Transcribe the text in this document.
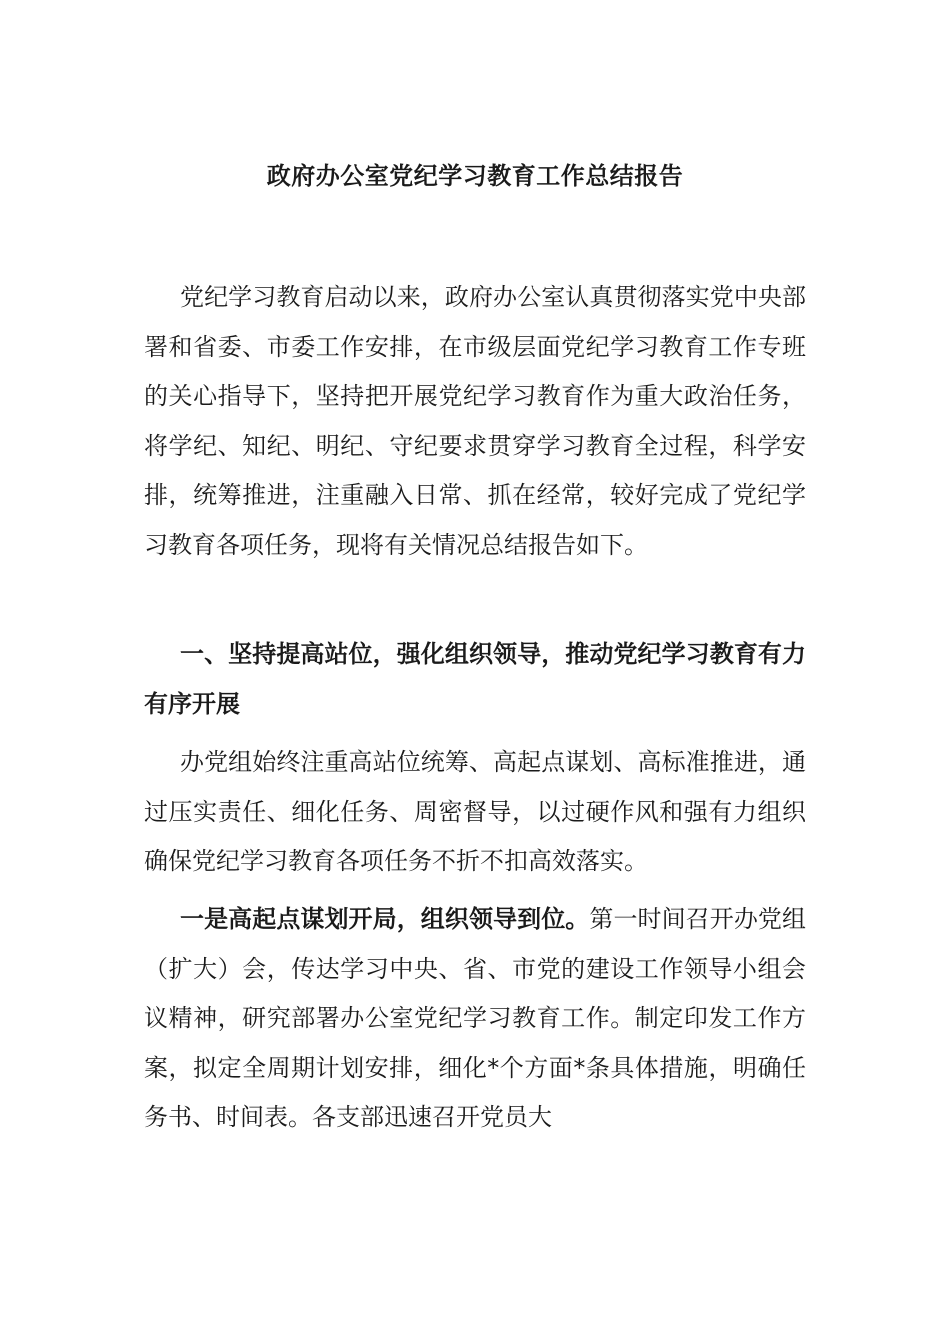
政府办公室党纪学习教育工作总结报告

党纪学习教育启动以来，政府办公室认真贯彻落实党中央部署和省委、市委工作安排，在市级层面党纪学习教育工作专班的关心指导下，坚持把开展党纪学习教育作为重大政治任务，将学纪、知纪、明纪、守纪要求贯穿学习教育全过程，科学安排，统筹推进，注重融入日常、抓在经常，较好完成了党纪学习教育各项任务，现将有关情况总结报告如下。

一、坚持提高站位，强化组织领导，推动党纪学习教育有力有序开展

办党组始终注重高站位统筹、高起点谋划、高标准推进，通过压实责任、细化任务、周密督导，以过硬作风和强有力组织确保党纪学习教育各项任务不折不扣高效落实。

一是高起点谋划开局，组织领导到位。第一时间召开办党组（扩大）会，传达学习中央、省、市党的建设工作领导小组会议精神，研究部署办公室党纪学习教育工作。制定印发工作方案，拟定全周期计划安排，细化*个方面*条具体措施，明确任务书、时间表。各支部迅速召开党员大
